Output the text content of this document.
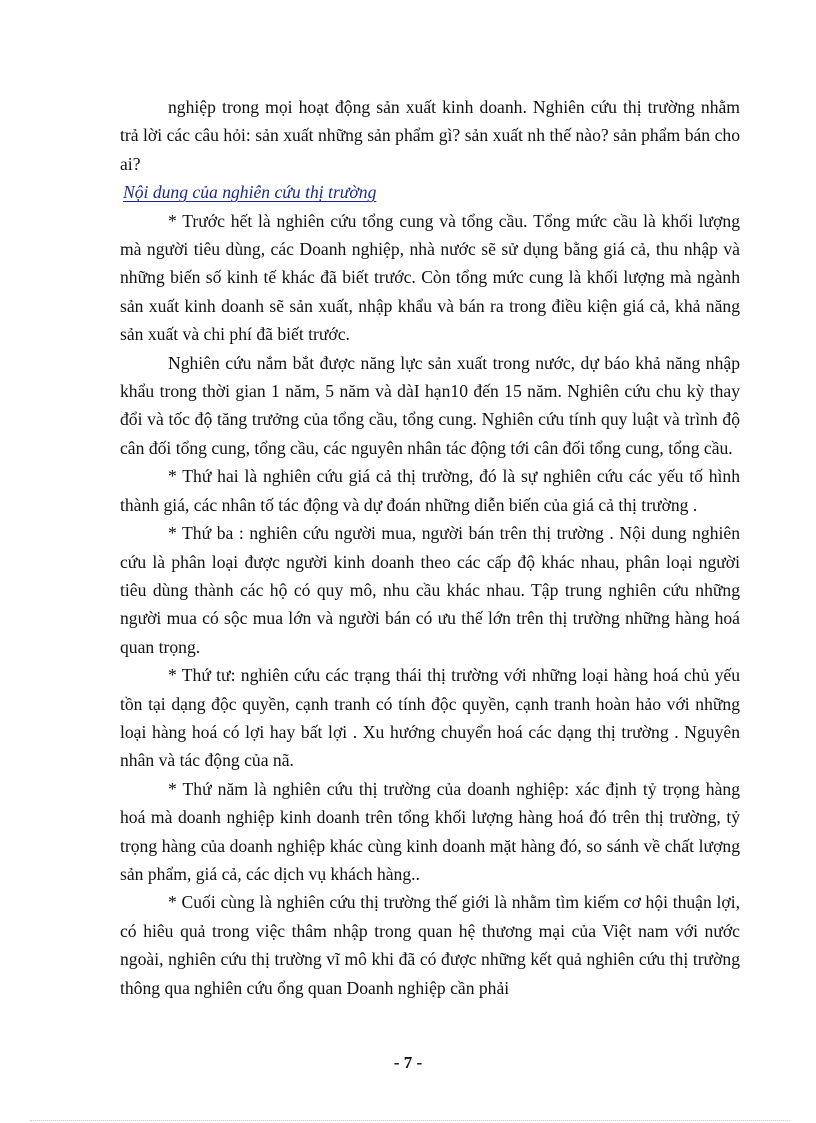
nghiệp trong mọi hoạt động sản xuất kinh doanh. Nghiên cứu thị trường nhằm trả lời các câu hỏi: sản xuất những sản phẩm gì? sản xuất nh thế nào? sản phẩm bán cho ai?

Nội dung của nghiên cứu thị trường

* Trước hết là nghiên cứu tổng cung và tổng cầu. Tổng mức cầu là khối lượng mà người tiêu dùng, các Doanh nghiệp, nhà nước sẽ sử dụng bằng giá cả, thu nhập và những biến số kinh tế khác đã biết trước. Còn tổng mức cung là khối lượng mà ngành sản xuất kinh doanh sẽ sản xuất, nhập khẩu và bán ra trong điều kiện giá cả, khả năng sản xuất và chi phí đã biết trước.

Nghiên cứu nắm bắt được năng lực sản xuất trong nước, dự báo khả năng nhập khẩu trong thời gian 1 năm, 5 năm và dàI hạn10 đến 15 năm. Nghiên cứu chu kỳ thay đổi và tốc độ tăng trưởng của tổng cầu, tổng cung. Nghiên cứu tính quy luật và trình độ cân đối tổng cung, tổng cầu, các nguyên nhân tác động tới cân đối tổng cung, tổng cầu.

* Thứ hai là nghiên cứu giá cả thị trường, đó là sự nghiên cứu các yếu tố hình thành giá, các nhân tố tác động và dự đoán những diễn biến của giá cả thị trường .

* Thứ ba : nghiên cứu người mua, người bán trên thị trường . Nội dung nghiên cứu là phân loại được người kinh doanh theo các cấp độ khác nhau, phân loại người tiêu dùng thành các hộ có quy mô, nhu cầu khác nhau. Tập trung nghiên cứu những người mua có sộc mua lớn và người bán có ưu thế lớn trên thị trường những hàng hoá quan trọng.

* Thứ tư: nghiên cứu các trạng thái thị trường với những loại hàng hoá chủ yếu tồn tại dạng độc quyền, cạnh tranh có tính độc quyền, cạnh tranh hoàn hảo với những loại hàng hoá có lợi hay bất lợi . Xu hướng chuyển hoá các dạng thị trường . Nguyên nhân và tác động của nã.

* Thứ năm là nghiên cứu thị trường của doanh nghiệp: xác định tỷ trọng hàng hoá mà doanh nghiệp kinh doanh trên tổng khối lượng hàng hoá đó trên thị trường, tỷ trọng hàng của doanh nghiệp khác cùng kinh doanh mặt hàng đó, so sánh về chất lượng sản phẩm, giá cả, các dịch vụ khách hàng..

* Cuối cùng là nghiên cứu thị trường thế giới là nhằm tìm kiếm cơ hội thuận lợi, có hiêu quả trong việc thâm nhập trong quan hệ thương mại của Việt nam với nước ngoài, nghiên cứu thị trường vĩ mô khi đã có được những kết quả nghiên cứu thị trường thông qua nghiên cứu ổng quan Doanh nghiệp cần phải

- 7 -
